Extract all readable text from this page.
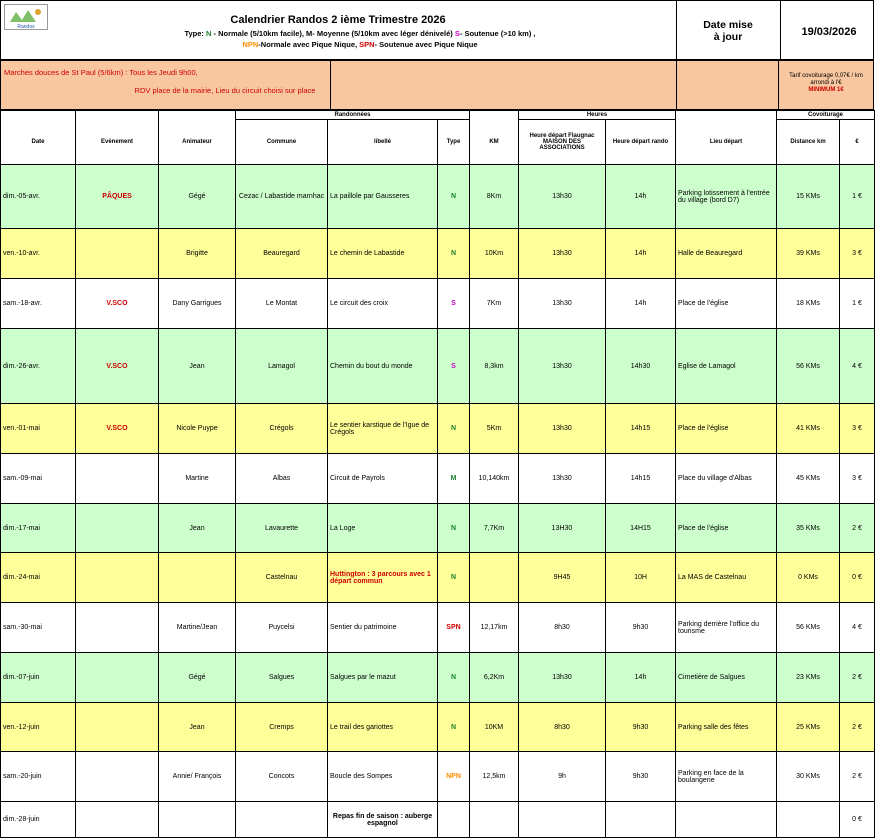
Randos
Calendrier Randos 2 ième Trimestre 2026
Type: N - Normale (5/10km facile), M- Moyenne (5/10km avec léger dénivelé) S- Soutenue (>10 km) ,
NPN-Normale avec Pique Nique, SPN- Soutenue avec Pique Nique
Date mise
à jour	19/03/2026
Marches douces de St Paul (5/6km) : Tous les Jeudi 9h00,
RDV place de la mairie, Lieu du circuit choisi sur place
Tarif covoiturage 0,07€ / km arrondi à l'€
MINIMUM 1€
			Randonnées				Heures			Covoiturage	
Date	Evènement	Animateur	Commune	libellé	Type	KM	Heure départ Flaugnac MAISON DES ASSOCIATIONS	Heure départ rando	Lieu départ	Distance km	€
dim.-05-avr.	PÂQUES	Gégé	Cezac / Labastide marnhac	La paillole par Gausseres	N	8Km	13h30	14h	Parking lotissement à l'entrée du village (bord D7)	15 KMs	1 €
ven.-10-avr.		Brigitte	Beauregard	Le chemin de Labastide	N	10Km	13h30	14h	Halle de Beauregard	39 KMs	3 €
sam.-18-avr.	V.SCO	Dany Garrigues	Le Montat	Le circuit des croix	S	7Km	13h30	14h	Place de l'église	18 KMs	1 €
dim.-26-avr.	V.SCO	Jean	Lamagol	Chemin du bout du monde	S	8,3km	13h30	14h30	Eglise de Lamagol	56 KMs	4 €
ven.-01-mai	V.SCO	Nicole Puype	Crégols	Le sentier karstique de l'Igue de Crégols	N	5Km	13h30	14h15	Place de l'église	41 KMs	3 €
sam.-09-mai		Martine	Albas	Circuit de Payrols	M	10,140km	13h30	14h15	Place du village d'Albas	45 KMs	3 €
dim.-17-mai		Jean	Lavaurette	La Loge	N	7,7Km	13H30	14H15	Place de l'église	35 KMs	2 €
dim.-24-mai			Castelnau	Huttington : 3 parcours avec 1 départ commun	N		9H45	10H	La MAS de Castelnau	0 KMs	0 €
sam.-30-mai		Martine/Jean	Puycelsi	Sentier du patrimoine	SPN	12,17km	8h30	9h30	Parking derrière l'office du tourisme	56 KMs	4 €
dim.-07-juin		Gégé	Salgues	Salgues par le mazut	N	6,2Km	13h30	14h	Cimetière de Salgues	23 KMs	2 €
ven.-12-juin		Jean	Cremps	Le trail des gariottes	N	10KM	8h30	9h30	Parking salle des fêtes	25 KMs	2 €
sam.-20-juin		Annie/ François	Concots	Boucle des Sompes	NPN	12,5km	9h	9h30	Parking en face de la boulangerie	30 KMs	2 €
dim.-28-juin				Repas fin de saison : auberge espagnol							0 €
